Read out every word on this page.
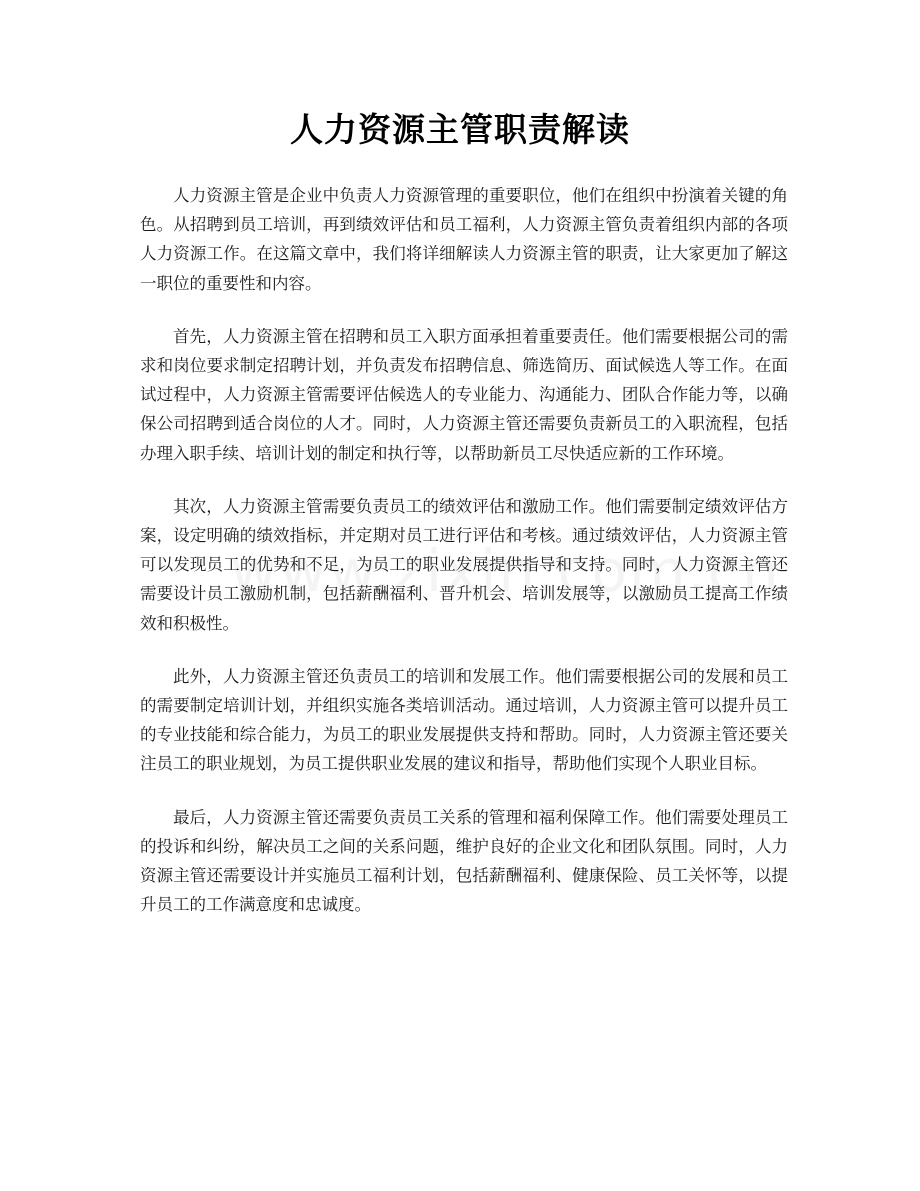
人力资源主管职责解读

人力资源主管是企业中负责人力资源管理的重要职位，他们在组织中扮演着关键的角色。从招聘到员工培训，再到绩效评估和员工福利，人力资源主管负责着组织内部的各项人力资源工作。在这篇文章中，我们将详细解读人力资源主管的职责，让大家更加了解这一职位的重要性和内容。

首先，人力资源主管在招聘和员工入职方面承担着重要责任。他们需要根据公司的需求和岗位要求制定招聘计划，并负责发布招聘信息、筛选简历、面试候选人等工作。在面试过程中，人力资源主管需要评估候选人的专业能力、沟通能力、团队合作能力等，以确保公司招聘到适合岗位的人才。同时，人力资源主管还需要负责新员工的入职流程，包括办理入职手续、培训计划的制定和执行等，以帮助新员工尽快适应新的工作环境。

其次，人力资源主管需要负责员工的绩效评估和激励工作。他们需要制定绩效评估方案，设定明确的绩效指标，并定期对员工进行评估和考核。通过绩效评估，人力资源主管可以发现员工的优势和不足，为员工的职业发展提供指导和支持。同时，人力资源主管还需要设计员工激励机制，包括薪酬福利、晋升机会、培训发展等，以激励员工提高工作绩效和积极性。

此外，人力资源主管还负责员工的培训和发展工作。他们需要根据公司的发展和员工的需要制定培训计划，并组织实施各类培训活动。通过培训，人力资源主管可以提升员工的专业技能和综合能力，为员工的职业发展提供支持和帮助。同时，人力资源主管还要关注员工的职业规划，为员工提供职业发展的建议和指导，帮助他们实现个人职业目标。

最后，人力资源主管还需要负责员工关系的管理和福利保障工作。他们需要处理员工的投诉和纠纷，解决员工之间的关系问题，维护良好的企业文化和团队氛围。同时，人力资源主管还需要设计并实施员工福利计划，包括薪酬福利、健康保险、员工关怀等，以提升员工的工作满意度和忠诚度。
